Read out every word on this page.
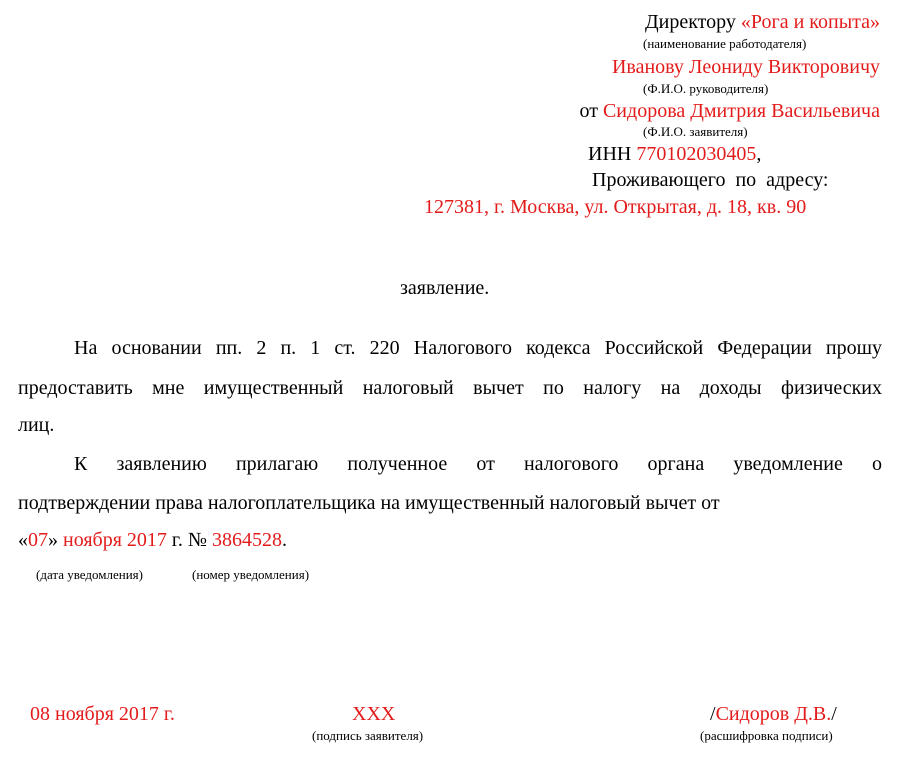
Директору «Рога и копыта»
(наименование работодателя)
Иванову Леониду Викторовичу
(Ф.И.О. руководителя)
от Сидорова Дмитрия Васильевича
(Ф.И.О. заявителя)
ИНН 770102030405,
Проживающего по адресу:
127381, г. Москва, ул. Открытая, д. 18, кв. 90
заявление.
На основании пп. 2 п. 1 ст. 220 Налогового кодекса Российской Федерации прошу
предоставить мне имущественный налоговый вычет по налогу на доходы физических
лиц.
К заявлению прилагаю полученное от налогового органа уведомление о
подтверждении права налогоплательщика на имущественный налоговый вычет от
«07» ноября 2017 г. № 3864528.
(дата уведомления)	(номер уведомления)
08 ноября 2017 г.	ХХХ
(подпись заявителя)
/Сидоров Д.В./
(расшифровка подписи)
